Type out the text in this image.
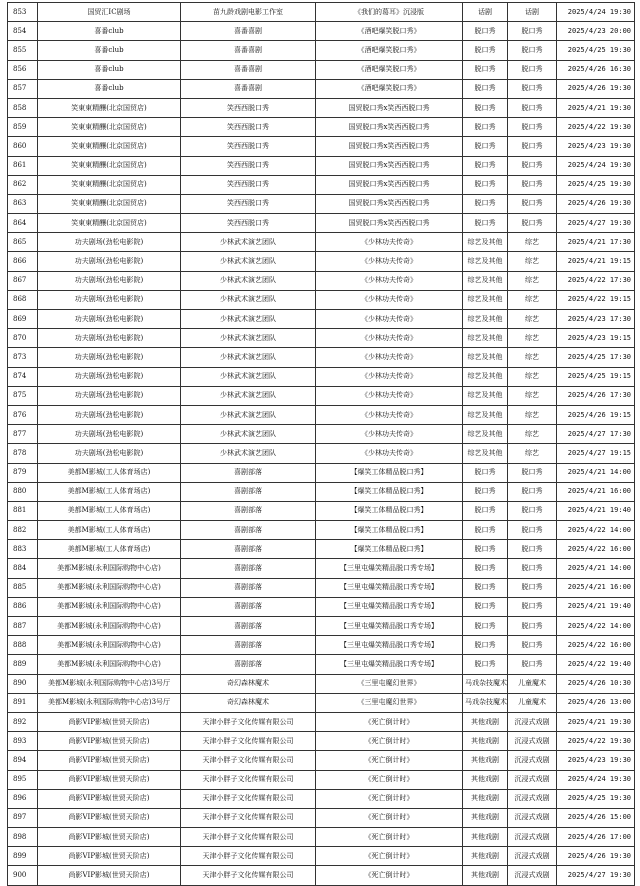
853	国贸汇IC剧场	苗九龄戏剧电影工作室	《我们的葛耳》沉浸版	话剧	话剧	2025/4/24 19:30
854	喜番club	喜番喜剧	《酒吧爆笑脱口秀》	脱口秀	脱口秀	2025/4/23 20:00
855	喜番club	喜番喜剧	《酒吧爆笑脱口秀》	脱口秀	脱口秀	2025/4/25 19:30
856	喜番club	喜番喜剧	《酒吧爆笑脱口秀》	脱口秀	脱口秀	2025/4/26 16:30
857	喜番club	喜番喜剧	《酒吧爆笑脱口秀》	脱口秀	脱口秀	2025/4/26 19:30
858	笑東東精釀(北京国贸店)	笑西西脱口秀	国贸脱口秀x笑西西脱口秀	脱口秀	脱口秀	2025/4/21 19:30
859	笑東東精釀(北京国贸店)	笑西西脱口秀	国贸脱口秀x笑西西脱口秀	脱口秀	脱口秀	2025/4/22 19:30
860	笑東東精釀(北京国贸店)	笑西西脱口秀	国贸脱口秀x笑西西脱口秀	脱口秀	脱口秀	2025/4/23 19:30
861	笑東東精釀(北京国贸店)	笑西西脱口秀	国贸脱口秀x笑西西脱口秀	脱口秀	脱口秀	2025/4/24 19:30
862	笑東東精釀(北京国贸店)	笑西西脱口秀	国贸脱口秀x笑西西脱口秀	脱口秀	脱口秀	2025/4/25 19:30
863	笑東東精釀(北京国贸店)	笑西西脱口秀	国贸脱口秀x笑西西脱口秀	脱口秀	脱口秀	2025/4/26 19:30
864	笑東東精釀(北京国贸店)	笑西西脱口秀	国贸脱口秀x笑西西脱口秀	脱口秀	脱口秀	2025/4/27 19:30
865	功夫剧场(劲松电影院)	少林武术演艺团队	《少林功夫传奇》	综艺及其他	综艺	2025/4/21 17:30
866	功夫剧场(劲松电影院)	少林武术演艺团队	《少林功夫传奇》	综艺及其他	综艺	2025/4/21 19:15
867	功夫剧场(劲松电影院)	少林武术演艺团队	《少林功夫传奇》	综艺及其他	综艺	2025/4/22 17:30
868	功夫剧场(劲松电影院)	少林武术演艺团队	《少林功夫传奇》	综艺及其他	综艺	2025/4/22 19:15
869	功夫剧场(劲松电影院)	少林武术演艺团队	《少林功夫传奇》	综艺及其他	综艺	2025/4/23 17:30
870	功夫剧场(劲松电影院)	少林武术演艺团队	《少林功夫传奇》	综艺及其他	综艺	2025/4/23 19:15
873	功夫剧场(劲松电影院)	少林武术演艺团队	《少林功夫传奇》	综艺及其他	综艺	2025/4/25 17:30
874	功夫剧场(劲松电影院)	少林武术演艺团队	《少林功夫传奇》	综艺及其他	综艺	2025/4/25 19:15
875	功夫剧场(劲松电影院)	少林武术演艺团队	《少林功夫传奇》	综艺及其他	综艺	2025/4/26 17:30
876	功夫剧场(劲松电影院)	少林武术演艺团队	《少林功夫传奇》	综艺及其他	综艺	2025/4/26 19:15
877	功夫剧场(劲松电影院)	少林武术演艺团队	《少林功夫传奇》	综艺及其他	综艺	2025/4/27 17:30
878	功夫剧场(劲松电影院)	少林武术演艺团队	《少林功夫传奇》	综艺及其他	综艺	2025/4/27 19:15
879	美都M影城(工人体育场店)	喜剧部落	【爆笑工体精品脱口秀】	脱口秀	脱口秀	2025/4/21 14:00
880	美都M影城(工人体育场店)	喜剧部落	【爆笑工体精品脱口秀】	脱口秀	脱口秀	2025/4/21 16:00
881	美都M影城(工人体育场店)	喜剧部落	【爆笑工体精品脱口秀】	脱口秀	脱口秀	2025/4/21 19:40
882	美都M影城(工人体育场店)	喜剧部落	【爆笑工体精品脱口秀】	脱口秀	脱口秀	2025/4/22 14:00
883	美都M影城(工人体育场店)	喜剧部落	【爆笑工体精品脱口秀】	脱口秀	脱口秀	2025/4/22 16:00
884	美都M影城(永利国际购物中心店)	喜剧部落	【三里屯爆笑精品脱口秀专场】	脱口秀	脱口秀	2025/4/21 14:00
885	美都M影城(永利国际购物中心店)	喜剧部落	【三里屯爆笑精品脱口秀专场】	脱口秀	脱口秀	2025/4/21 16:00
886	美都M影城(永利国际购物中心店)	喜剧部落	【三里屯爆笑精品脱口秀专场】	脱口秀	脱口秀	2025/4/21 19:40
887	美都M影城(永利国际购物中心店)	喜剧部落	【三里屯爆笑精品脱口秀专场】	脱口秀	脱口秀	2025/4/22 14:00
888	美都M影城(永利国际购物中心店)	喜剧部落	【三里屯爆笑精品脱口秀专场】	脱口秀	脱口秀	2025/4/22 16:00
889	美都M影城(永利国际购物中心店)	喜剧部落	【三里屯爆笑精品脱口秀专场】	脱口秀	脱口秀	2025/4/22 19:40
890	美都M影城(永利国际购物中心店)3号厅	奇幻森林魔术	《三里屯魔幻世界》	马戏杂技魔术	儿童魔术	2025/4/26 10:30
891	美都M影城(永利国际购物中心店)3号厅	奇幻森林魔术	《三里屯魔幻世界》	马戏杂技魔术	儿童魔术	2025/4/26 13:00
892	尚影VIP影城(世贸天阶店)	天津小胖子文化传媒有限公司	《死亡倒计时》	其他戏剧	沉浸式戏剧	2025/4/21 19:30
893	尚影VIP影城(世贸天阶店)	天津小胖子文化传媒有限公司	《死亡倒计时》	其他戏剧	沉浸式戏剧	2025/4/22 19:30
894	尚影VIP影城(世贸天阶店)	天津小胖子文化传媒有限公司	《死亡倒计时》	其他戏剧	沉浸式戏剧	2025/4/23 19:30
895	尚影VIP影城(世贸天阶店)	天津小胖子文化传媒有限公司	《死亡倒计时》	其他戏剧	沉浸式戏剧	2025/4/24 19:30
896	尚影VIP影城(世贸天阶店)	天津小胖子文化传媒有限公司	《死亡倒计时》	其他戏剧	沉浸式戏剧	2025/4/25 19:30
897	尚影VIP影城(世贸天阶店)	天津小胖子文化传媒有限公司	《死亡倒计时》	其他戏剧	沉浸式戏剧	2025/4/26 15:00
898	尚影VIP影城(世贸天阶店)	天津小胖子文化传媒有限公司	《死亡倒计时》	其他戏剧	沉浸式戏剧	2025/4/26 17:00
899	尚影VIP影城(世贸天阶店)	天津小胖子文化传媒有限公司	《死亡倒计时》	其他戏剧	沉浸式戏剧	2025/4/26 19:30
900	尚影VIP影城(世贸天阶店)	天津小胖子文化传媒有限公司	《死亡倒计时》	其他戏剧	沉浸式戏剧	2025/4/27 19:30
